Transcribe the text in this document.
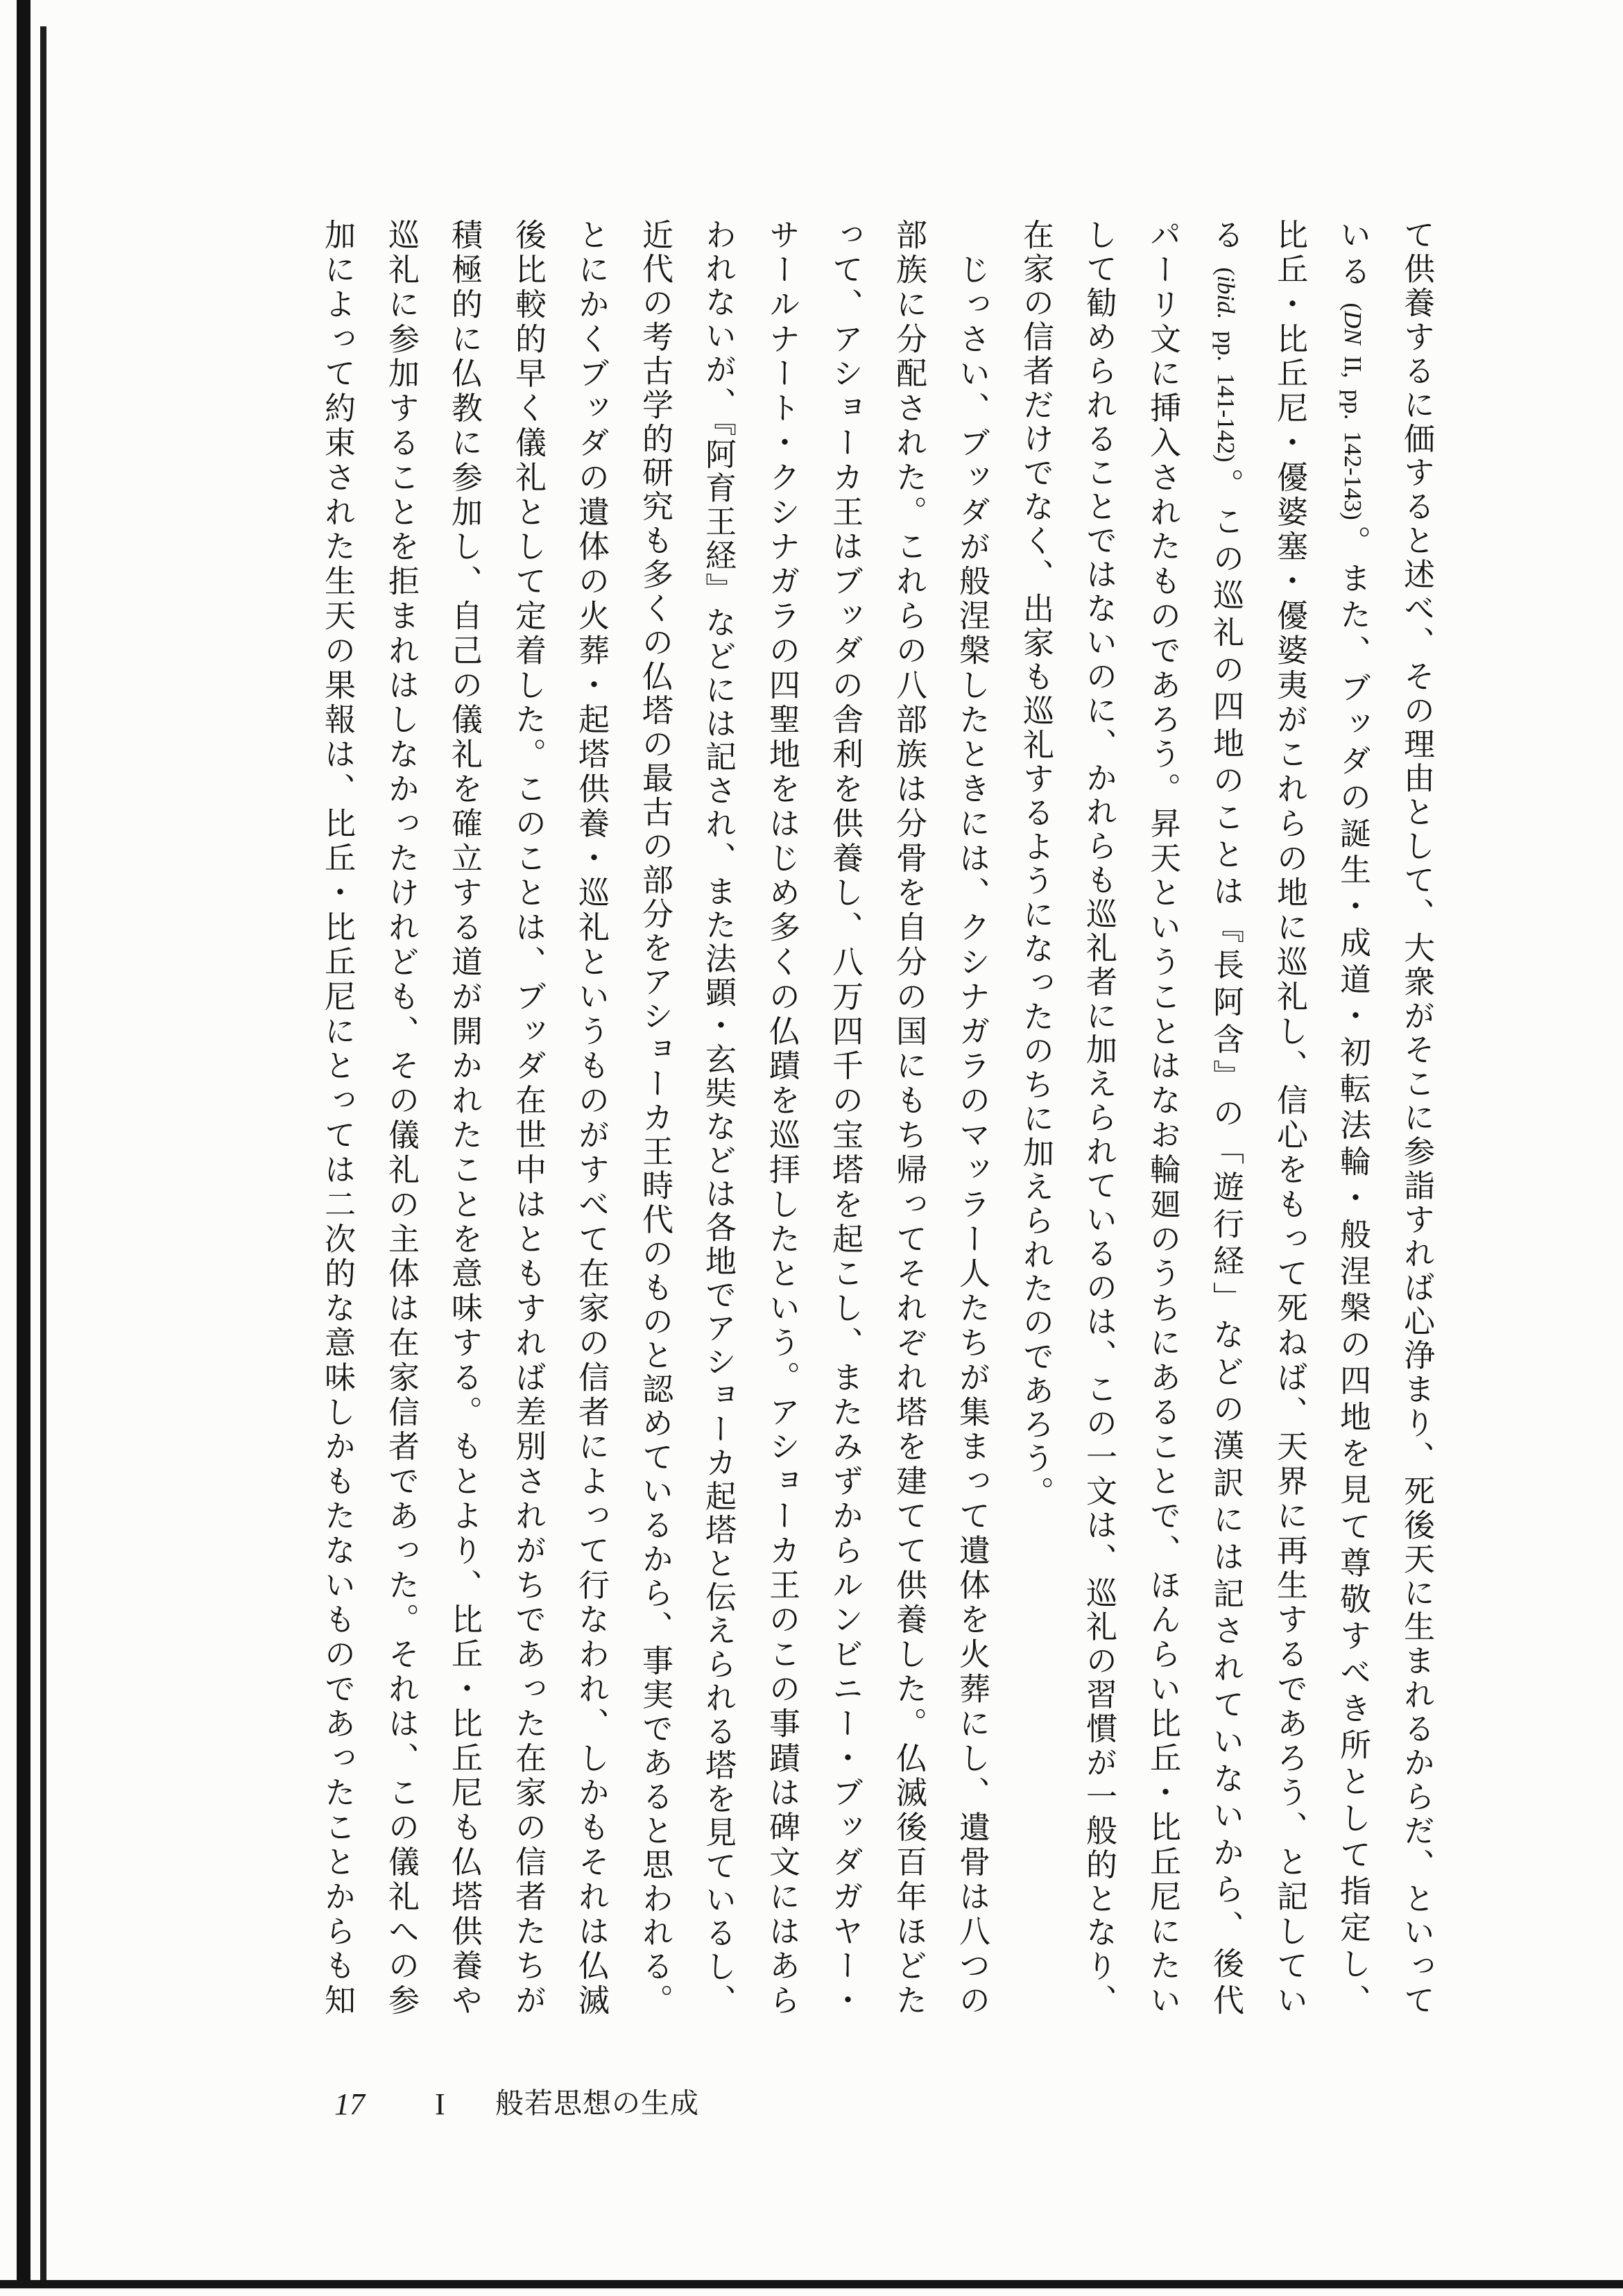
て供養するに価すると述べ、その理由として、大衆がそこに参詣すれば心浄まり、死後天に生まれるからだ、といって
いる (DN II, pp. 142-143)。また、ブッダの誕生・成道・初転法輪・般涅槃の四地を見て尊敬すべき所として指定し、
比丘・比丘尼・優婆塞・優婆夷がこれらの地に巡礼し、信心をもって死ねば、天界に再生するであろう、と記してい
る (ibid. pp. 141-142)。この巡礼の四地のことは『長阿含』の「遊行経」などの漢訳には記されていないから、後代
パーリ文に挿入されたものであろう。昇天ということはなお輪廻のうちにあることで、ほんらい比丘・比丘尼にたい
して勧められることではないのに、かれらも巡礼者に加えられているのは、この一文は、巡礼の習慣が一般的となり、
在家の信者だけでなく、出家も巡礼するようになったのちに加えられたのであろう。
じっさい、ブッダが般涅槃したときには、クシナガラのマッラー人たちが集まって遺体を火葬にし、遺骨は八つの
部族に分配された。これらの八部族は分骨を自分の国にもち帰ってそれぞれ塔を建てて供養した。仏滅後百年ほどた
って、アショーカ王はブッダの舎利を供養し、八万四千の宝塔を起こし、またみずからルンビニー・ブッダガヤー・
サールナート・クシナガラの四聖地をはじめ多くの仏蹟を巡拝したという。アショーカ王のこの事蹟は碑文にはあら
われないが、『阿育王経』などには記され、また法顕・玄奘などは各地でアショーカ起塔と伝えられる塔を見ているし、
近代の考古学的研究も多くの仏塔の最古の部分をアショーカ王時代のものと認めているから、事実であると思われる。
とにかくブッダの遺体の火葬・起塔供養・巡礼というものがすべて在家の信者によって行なわれ、しかもそれは仏滅
後比較的早く儀礼として定着した。このことは、ブッダ在世中はともすれば差別されがちであった在家の信者たちが
積極的に仏教に参加し、自己の儀礼を確立する道が開かれたことを意味する。もとより、比丘・比丘尼も仏塔供養や
巡礼に参加することを拒まれはしなかったけれども、その儀礼の主体は在家信者であった。それは、この儀礼への参
加によって約束された生天の果報は、比丘・比丘尼にとっては二次的な意味しかもたないものであったことからも知
17 I 般若思想の生成
